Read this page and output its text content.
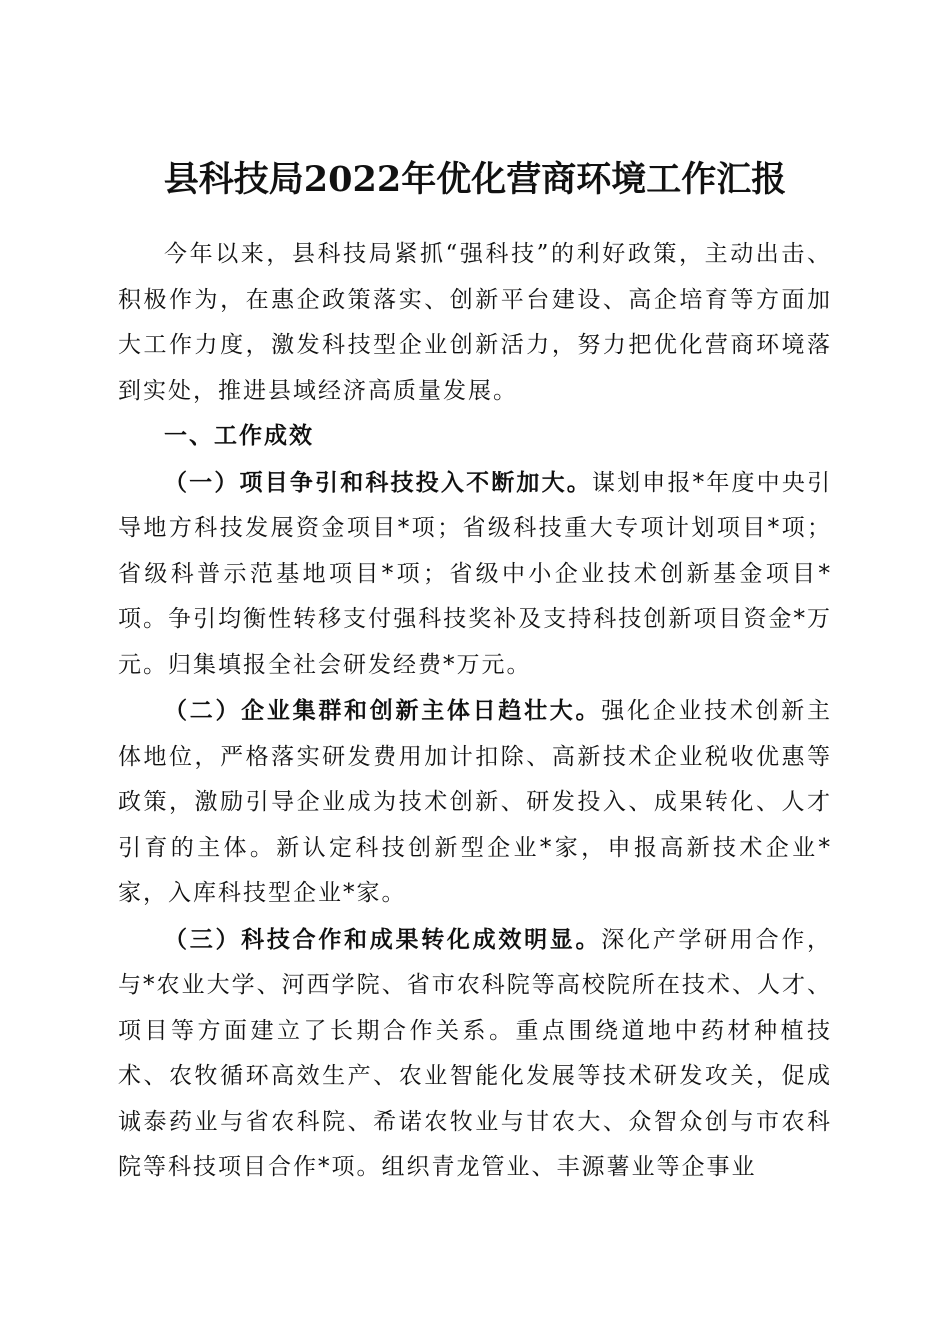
县科技局2022年优化营商环境工作汇报

今年以来，县科技局紧抓“强科技”的利好政策，主动出击、积极作为，在惠企政策落实、创新平台建设、高企培育等方面加大工作力度，激发科技型企业创新活力，努力把优化营商环境落到实处，推进县域经济高质量发展。

一、工作成效

（一）项目争引和科技投入不断加大。谋划申报*年度中央引导地方科技发展资金项目*项；省级科技重大专项计划项目*项；省级科普示范基地项目*项；省级中小企业技术创新基金项目*项。争引均衡性转移支付强科技奖补及支持科技创新项目资金*万元。归集填报全社会研发经费*万元。

（二）企业集群和创新主体日趋壮大。强化企业技术创新主体地位，严格落实研发费用加计扣除、高新技术企业税收优惠等政策，激励引导企业成为技术创新、研发投入、成果转化、人才引育的主体。新认定科技创新型企业*家，申报高新技术企业*家，入库科技型企业*家。

（三）科技合作和成果转化成效明显。深化产学研用合作，与*农业大学、河西学院、省市农科院等高校院所在技术、人才、项目等方面建立了长期合作关系。重点围绕道地中药材种植技术、农牧循环高效生产、农业智能化发展等技术研发攻关，促成诚泰药业与省农科院、希诺农牧业与甘农大、众智众创与市农科院等科技项目合作*项。组织青龙管业、丰源薯业等企事业
